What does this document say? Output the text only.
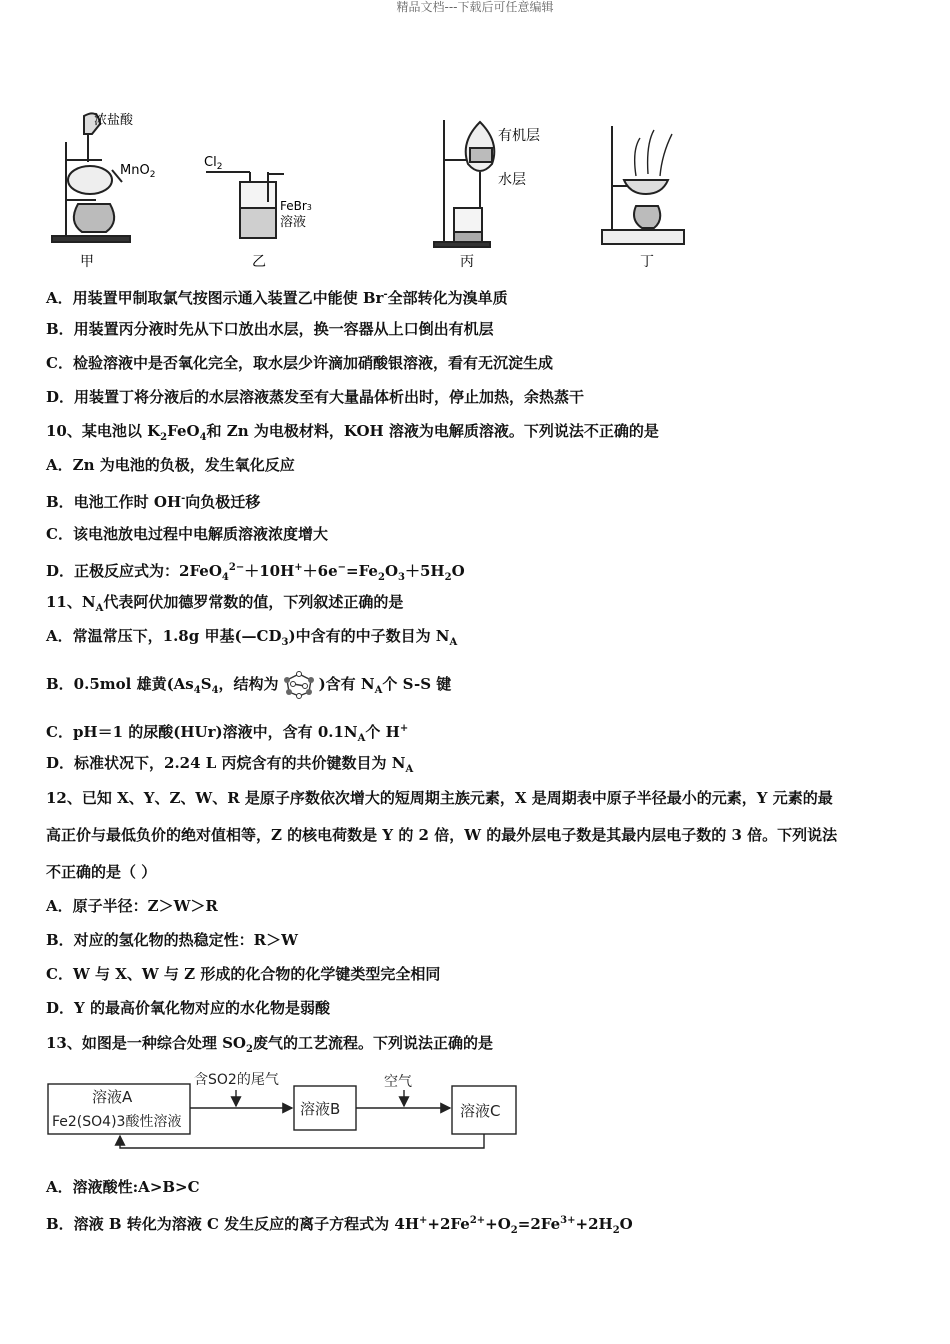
精品文档---下载后可任意编辑
浓盐酸
MnO$_2$
甲
$Cl_2$
FeBr3
溶液
乙
有机层
水层
丙	丁
A．用装置甲制取氯气按图示通入装置乙中能使 Br-全部转化为溴单质
B．用装置丙分液时先从下口放出水层，换一容器从上口倒出有机层
C．检验溶液中是否氧化完全，取水层少许滴加硝酸银溶液，看有无沉淀生成
D．用装置丁将分液后的水层溶液蒸发至有大量晶体析出时，停止加热，余热蒸干
10、某电池以 $K_2FeO_4$和 Zn 为电极材料，KOH 溶液为电解质溶液。下列说法不正确的是
A．Zn 为电池的负极，发生氧化反应
B．电池工作时 OH-向负极迁移
C．该电池放电过程中电解质溶液浓度增大
D．正极反应式为：$2FeO_4^{2-}+10H^++6e^-=Fe_2O_3+5H_2O$
11、$N_A$代表阿伏加德罗常数的值，下列叙述正确的是
A．常温常压下，1.8g 甲基$(—CD_3)$中含有的中子数目为 $N_A$
B．0.5mol 雄黄($As_4S_4$，结构为	)含有 $N_A$个 S-S 键
C．pH＝1 的尿酸(HUr)溶液中，含有 $0.1N_A$个 H+
D．标准状况下，2.24 L 丙烷含有的共价键数目为 $N_A$
12、已知 X、Y、Z、W、R 是原子序数依次增大的短周期主族元素，X 是周期表中原子半径最小的元素，Y 元素的最
高正价与最低负价的绝对值相等，Z 的核电荷数是 Y 的 2 倍，W 的最外层电子数是其最内层电子数的 3 倍。下列说法
不正确的是（ ）
A．原子半径：Z＞W＞R
B．对应的氢化物的热稳定性：R＞W
C．W 与 X、W 与 Z 形成的化合物的化学键类型完全相同
D．Y 的最高价氧化物对应的水化物是弱酸
13、如图是一种综合处理 $SO_2$废气的工艺流程。下列说法正确的是
溶液A
Fe2(SO4)3酸性溶液
含SO2的尾气
溶液B
空气
溶液C
A．溶液酸性:A>B>C
B．溶液 B 转化为溶液 C 发生反应的离子方程式为 $4H^++2Fe^{2+}+O_2=2Fe^{3+}+2H_2O$
